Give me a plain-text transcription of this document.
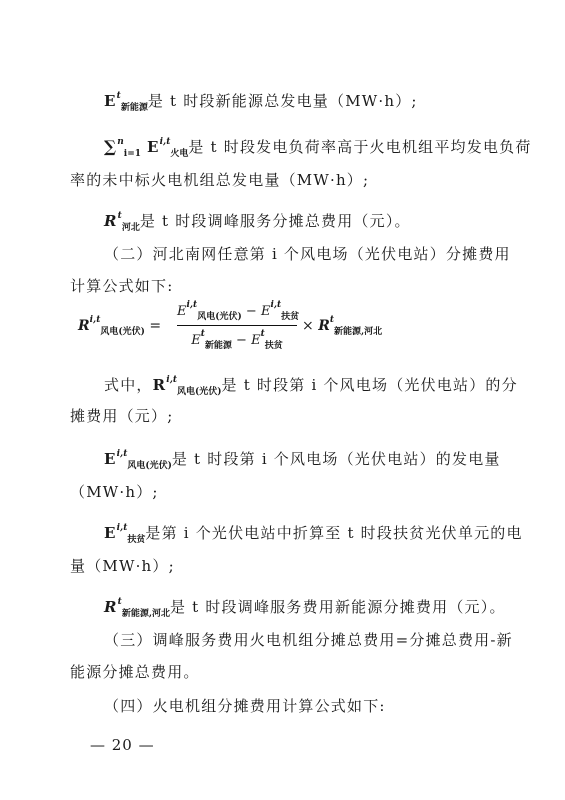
$E^t_{新能源}$是 t 时段新能源总发电量（MW·h）;
∑$^n_{i=1}$ E$^{i,t}_{火电}$是 t 时段发电负荷率高于火电机组平均发电负荷
率的未中标火电机组总发电量（MW·h）;
$R^t_{河北}$是 t 时段调峰服务分摊总费用（元）。
（二）河北南网任意第 i 个风电场（光伏电站）分摊费用
计算公式如下:
R$^{i,t}_{风电(光伏)}$ =
E$^{i,t}_{风电(光伏)}$ − E$^{i,t}_{扶贫}$
$E^t_{新能源} - E^t_{扶贫}$
× $R^t_{新能源,河北}$
式中，R$^{i,t}_{风电(光伏)}$是 t 时段第 i 个风电场（光伏电站）的分
摊费用（元）;
E$^{i,t}_{风电(光伏)}$是 t 时段第 i 个风电场（光伏电站）的发电量
（MW·h）;
E$^{i,t}_{扶贫}$是第 i 个光伏电站中折算至 t 时段扶贫光伏单元的电
量（MW·h）;
$R^t_{新能源,河北}$是 t 时段调峰服务费用新能源分摊费用（元）。
（三）调峰服务费用火电机组分摊总费用=分摊总费用-新
能源分摊总费用。
（四）火电机组分摊费用计算公式如下:
— 20 —
